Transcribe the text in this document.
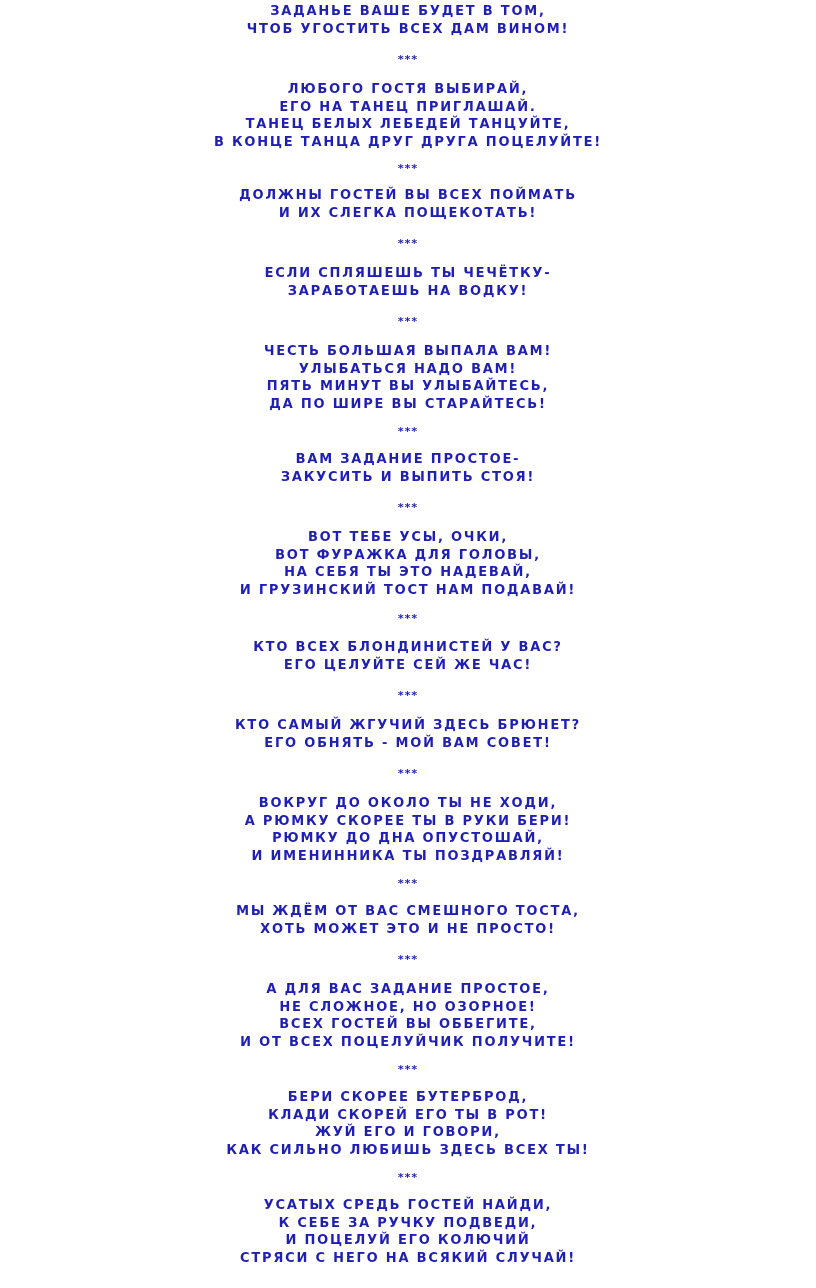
ЗАДАНЬЕ ВАШЕ БУДЕТ В ТОМ,
ЧТОБ УГОСТИТЬ ВСЕХ ДАМ ВИНОМ!
***
ЛЮБОГО ГОСТЯ ВЫБИРАЙ,
ЕГО НА ТАНЕЦ ПРИГЛАШАЙ.
ТАНЕЦ БЕЛЫХ ЛЕБЕДЕЙ ТАНЦУЙТЕ,
В КОНЦЕ ТАНЦА ДРУГ ДРУГА ПОЦЕЛУЙТЕ!
***
ДОЛЖНЫ ГОСТЕЙ ВЫ ВСЕХ ПОЙМАТЬ
И ИХ СЛЕГКА ПОЩЕКОТАТЬ!
***
ЕСЛИ СПЛЯШЕШЬ ТЫ ЧЕЧЁТКУ-
ЗАРАБОТАЕШЬ НА ВОДКУ!
***
ЧЕСТЬ БОЛЬШАЯ ВЫПАЛА ВАМ!
УЛЫБАТЬСЯ НАДО ВАМ!
ПЯТЬ МИНУТ ВЫ УЛЫБАЙТЕСЬ,
ДА ПО ШИРЕ ВЫ СТАРАЙТЕСЬ!
***
ВАМ ЗАДАНИЕ ПРОСТОЕ-
ЗАКУСИТЬ И ВЫПИТЬ СТОЯ!
***
ВОТ ТЕБЕ УСЫ, ОЧКИ,
ВОТ ФУРАЖКА ДЛЯ ГОЛОВЫ,
НА СЕБЯ ТЫ ЭТО НАДЕВАЙ,
И ГРУЗИНСКИЙ ТОСТ НАМ ПОДАВАЙ!
***
КТО ВСЕХ БЛОНДИНИСТЕЙ У ВАС?
ЕГО ЦЕЛУЙТЕ СЕЙ ЖЕ ЧАС!
***
КТО САМЫЙ ЖГУЧИЙ ЗДЕСЬ БРЮНЕТ?
ЕГО ОБНЯТЬ - МОЙ ВАМ СОВЕТ!
***
ВОКРУГ ДО ОКОЛО ТЫ НЕ ХОДИ,
А РЮМКУ СКОРЕЕ ТЫ В РУКИ БЕРИ!
РЮМКУ ДО ДНА ОПУСТОШАЙ,
И ИМЕНИННИКА ТЫ ПОЗДРАВЛЯЙ!
***
МЫ ЖДЁМ ОТ ВАС СМЕШНОГО ТОСТА,
ХОТЬ МОЖЕТ ЭТО И НЕ ПРОСТО!
***
А ДЛЯ ВАС ЗАДАНИЕ ПРОСТОЕ,
НЕ СЛОЖНОЕ, НО ОЗОРНОЕ!
ВСЕХ ГОСТЕЙ ВЫ ОББЕГИТЕ,
И ОТ ВСЕХ ПОЦЕЛУЙЧИК ПОЛУЧИТЕ!
***
БЕРИ СКОРЕЕ БУТЕРБРОД,
КЛАДИ СКОРЕЙ ЕГО ТЫ В РОТ!
ЖУЙ ЕГО И ГОВОРИ,
КАК СИЛЬНО ЛЮБИШЬ ЗДЕСЬ ВСЕХ ТЫ!
***
УСАТЫХ СРЕДЬ ГОСТЕЙ НАЙДИ,
К СЕБЕ ЗА РУЧКУ ПОДВЕДИ,
И ПОЦЕЛУЙ ЕГО КОЛЮЧИЙ
СТРЯСИ С НЕГО НА ВСЯКИЙ СЛУЧАЙ!
